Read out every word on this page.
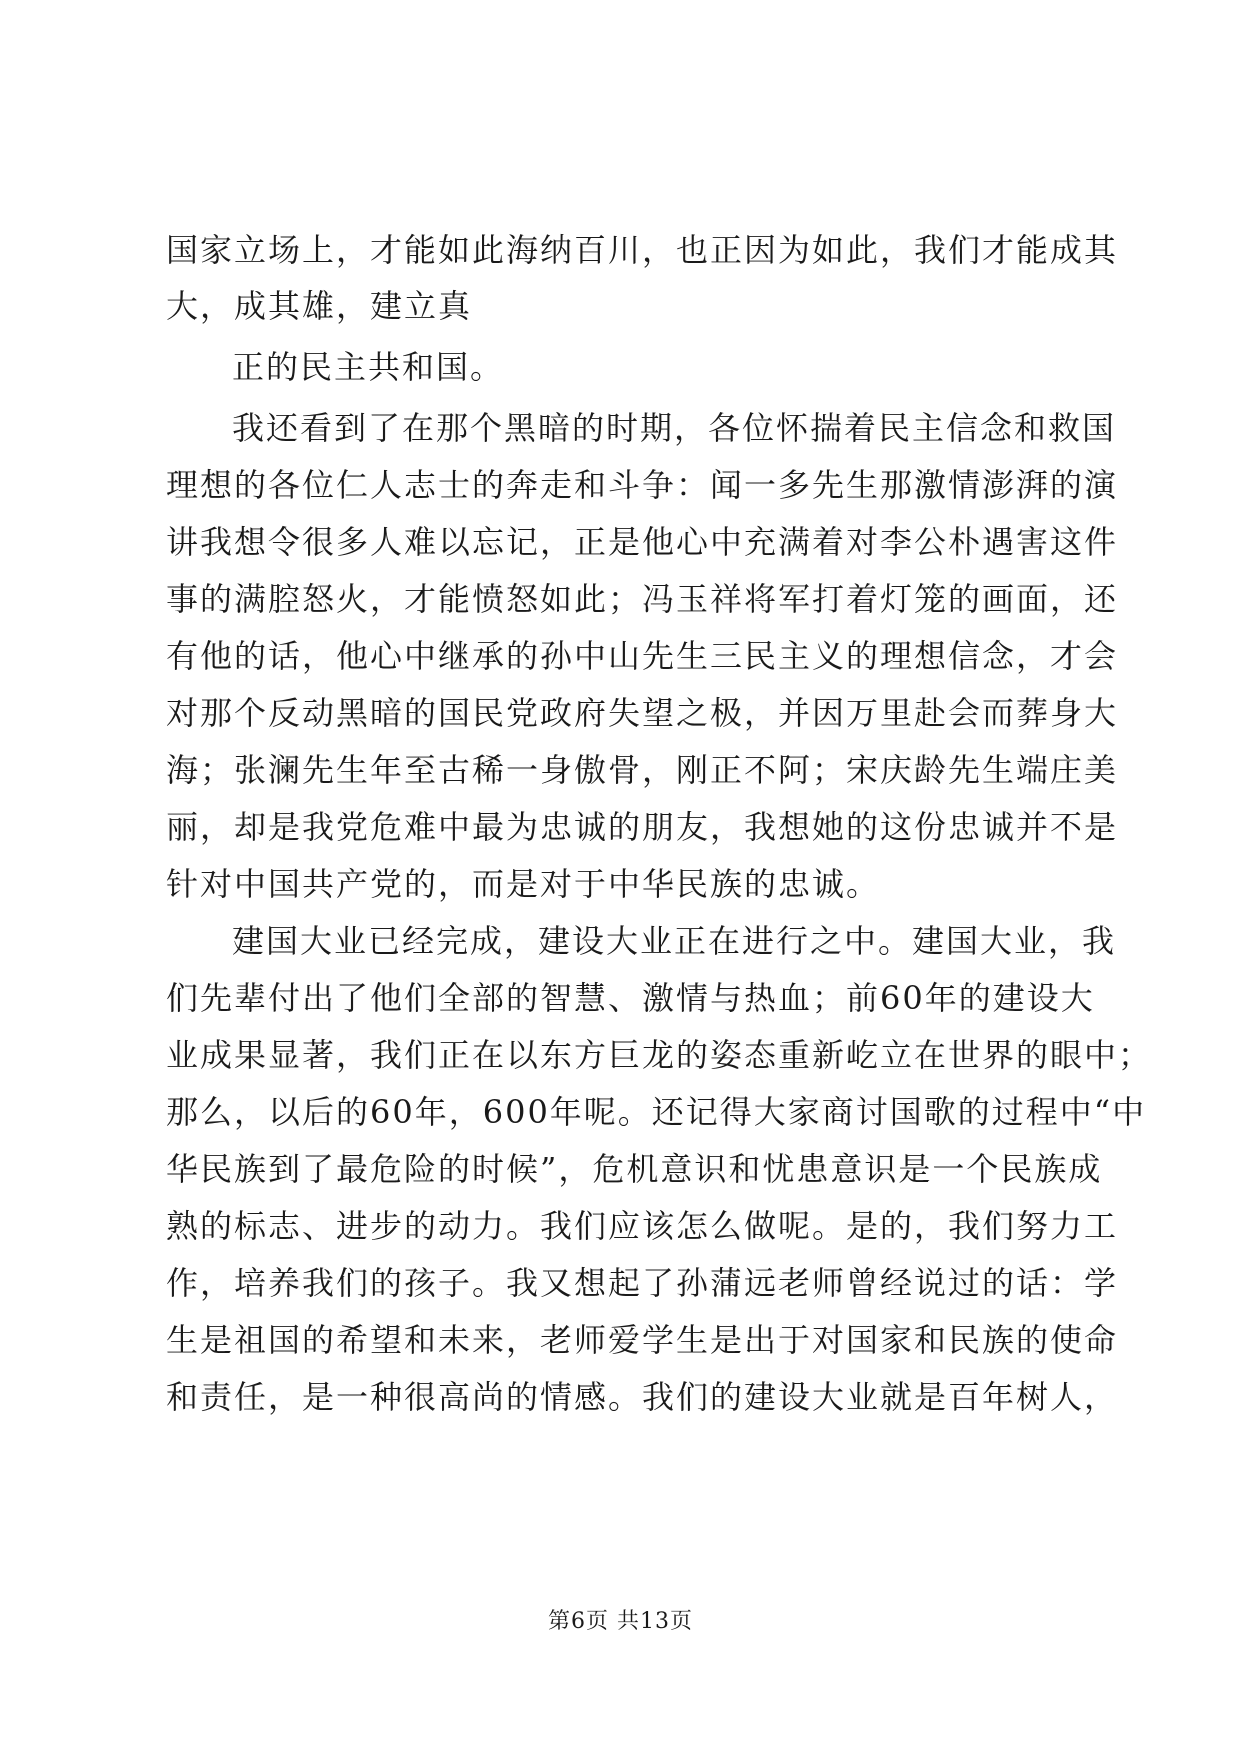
国家立场上，才能如此海纳百川，也正因为如此，我们才能成其
大，成其雄，建立真
正的民主共和国。
我还看到了在那个黑暗的时期，各位怀揣着民主信念和救国
理想的各位仁人志士的奔走和斗争：闻一多先生那激情澎湃的演
讲我想令很多人难以忘记，正是他心中充满着对李公朴遇害这件
事的满腔怒火，才能愤怒如此；冯玉祥将军打着灯笼的画面，还
有他的话，他心中继承的孙中山先生三民主义的理想信念，才会
对那个反动黑暗的国民党政府失望之极，并因万里赴会而葬身大
海；张澜先生年至古稀一身傲骨，刚正不阿；宋庆龄先生端庄美
丽，却是我党危难中最为忠诚的朋友，我想她的这份忠诚并不是
针对中国共产党的，而是对于中华民族的忠诚。
建国大业已经完成，建设大业正在进行之中。建国大业，我
们先辈付出了他们全部的智慧、激情与热血；前60年的建设大
业成果显著，我们正在以东方巨龙的姿态重新屹立在世界的眼中；
那么，以后的60年，600年呢。还记得大家商讨国歌的过程中“中
华民族到了最危险的时候”，危机意识和忧患意识是一个民族成
熟的标志、进步的动力。我们应该怎么做呢。是的，我们努力工
作，培养我们的孩子。我又想起了孙蒲远老师曾经说过的话：学
生是祖国的希望和未来，老师爱学生是出于对国家和民族的使命
和责任，是一种很高尚的情感。我们的建设大业就是百年树人，
第6页 共13页
